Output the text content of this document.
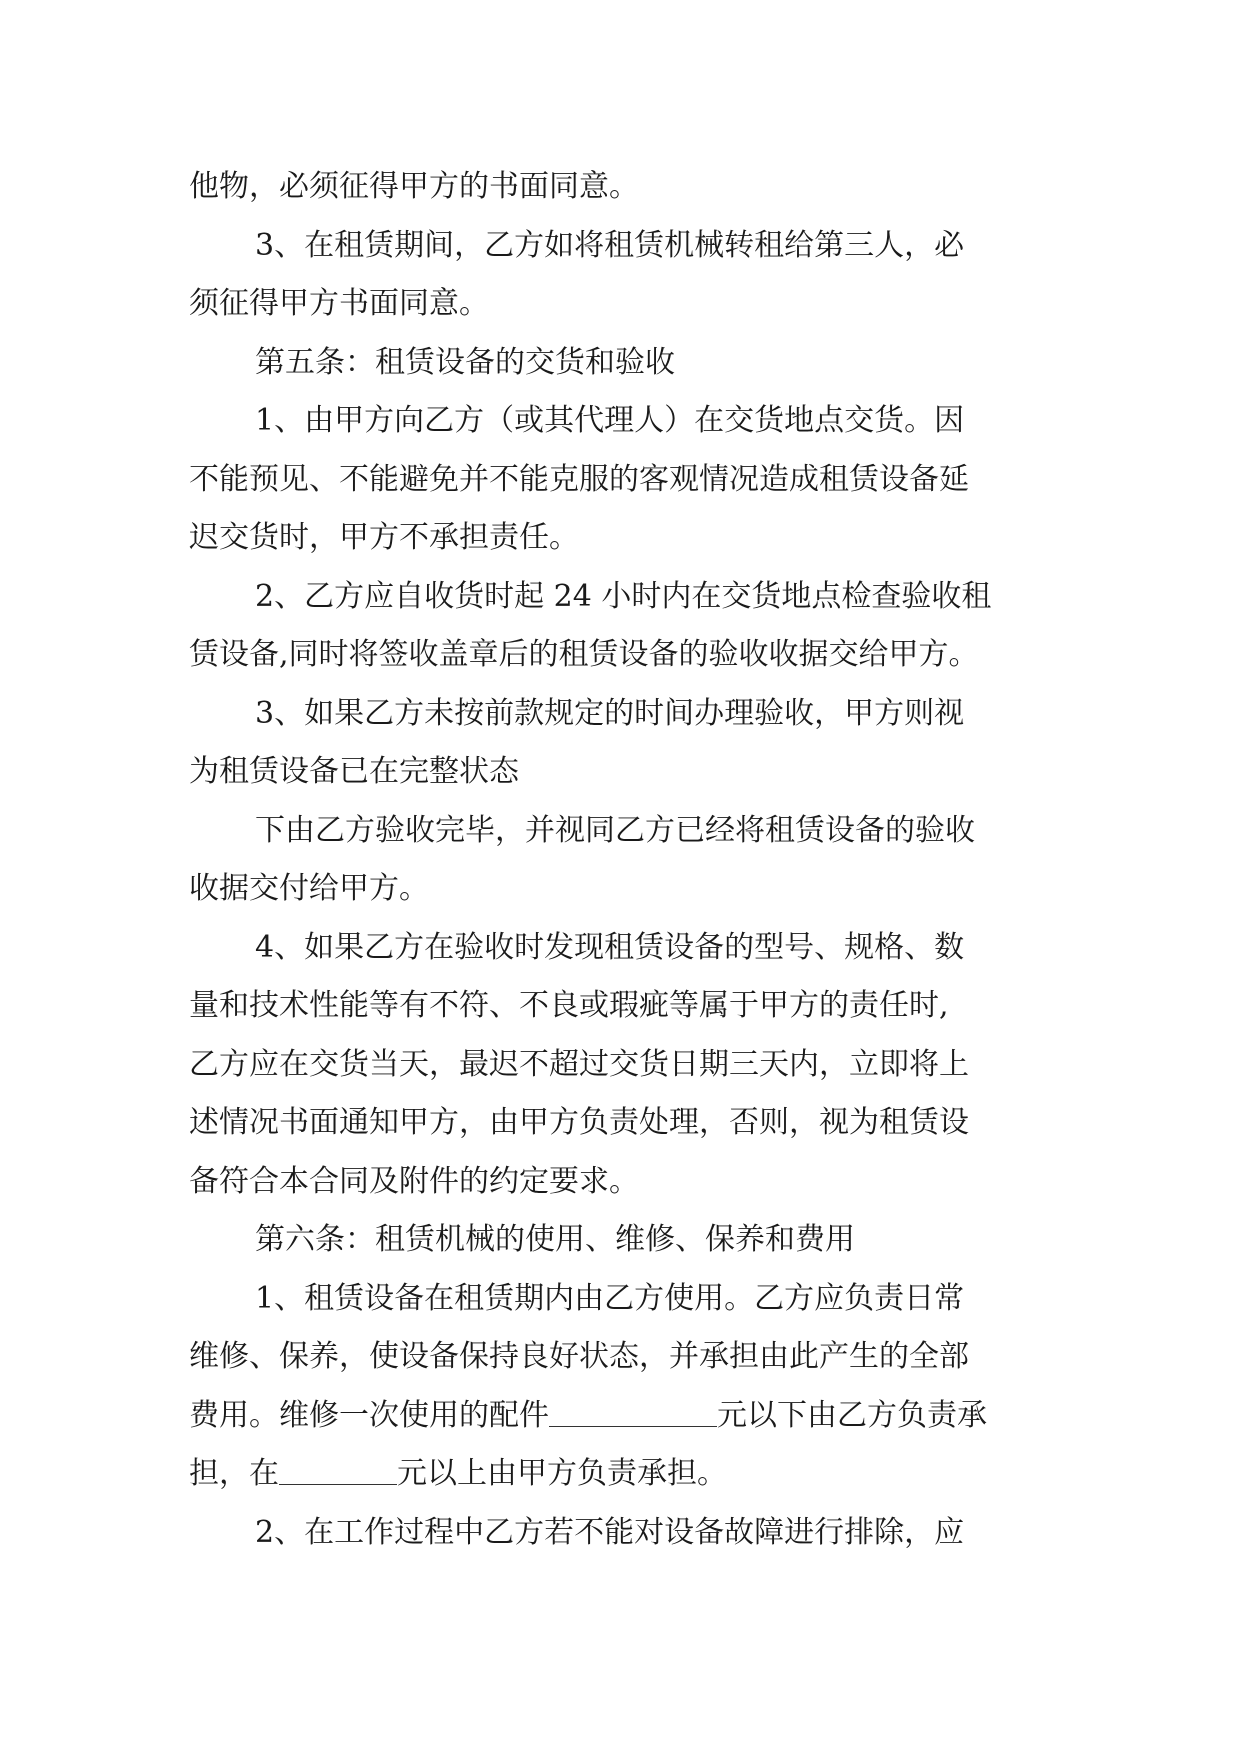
他物，必须征得甲方的书面同意。
3、在租赁期间，乙方如将租赁机械转租给第三人，必
须征得甲方书面同意。
第五条：租赁设备的交货和验收
1、由甲方向乙方（或其代理人）在交货地点交货。因
不能预见、不能避免并不能克服的客观情况造成租赁设备延
迟交货时，甲方不承担责任。
2、乙方应自收货时起 24 小时内在交货地点检查验收租
赁设备,同时将签收盖章后的租赁设备的验收收据交给甲方。
3、如果乙方未按前款规定的时间办理验收，甲方则视
为租赁设备已在完整状态
下由乙方验收完毕，并视同乙方已经将租赁设备的验收
收据交付给甲方。
4、如果乙方在验收时发现租赁设备的型号、规格、数
量和技术性能等有不符、不良或瑕疵等属于甲方的责任时,
乙方应在交货当天，最迟不超过交货日期三天内，立即将上
述情况书面通知甲方，由甲方负责处理，否则，视为租赁设
备符合本合同及附件的约定要求。
第六条：租赁机械的使用、维修、保养和费用
1、租赁设备在租赁期内由乙方使用。乙方应负责日常
维修、保养，使设备保持良好状态，并承担由此产生的全部
费用。维修一次使用的配件	元以下由乙方负责承
担，在	元以上由甲方负责承担。
2、在工作过程中乙方若不能对设备故障进行排除，应
